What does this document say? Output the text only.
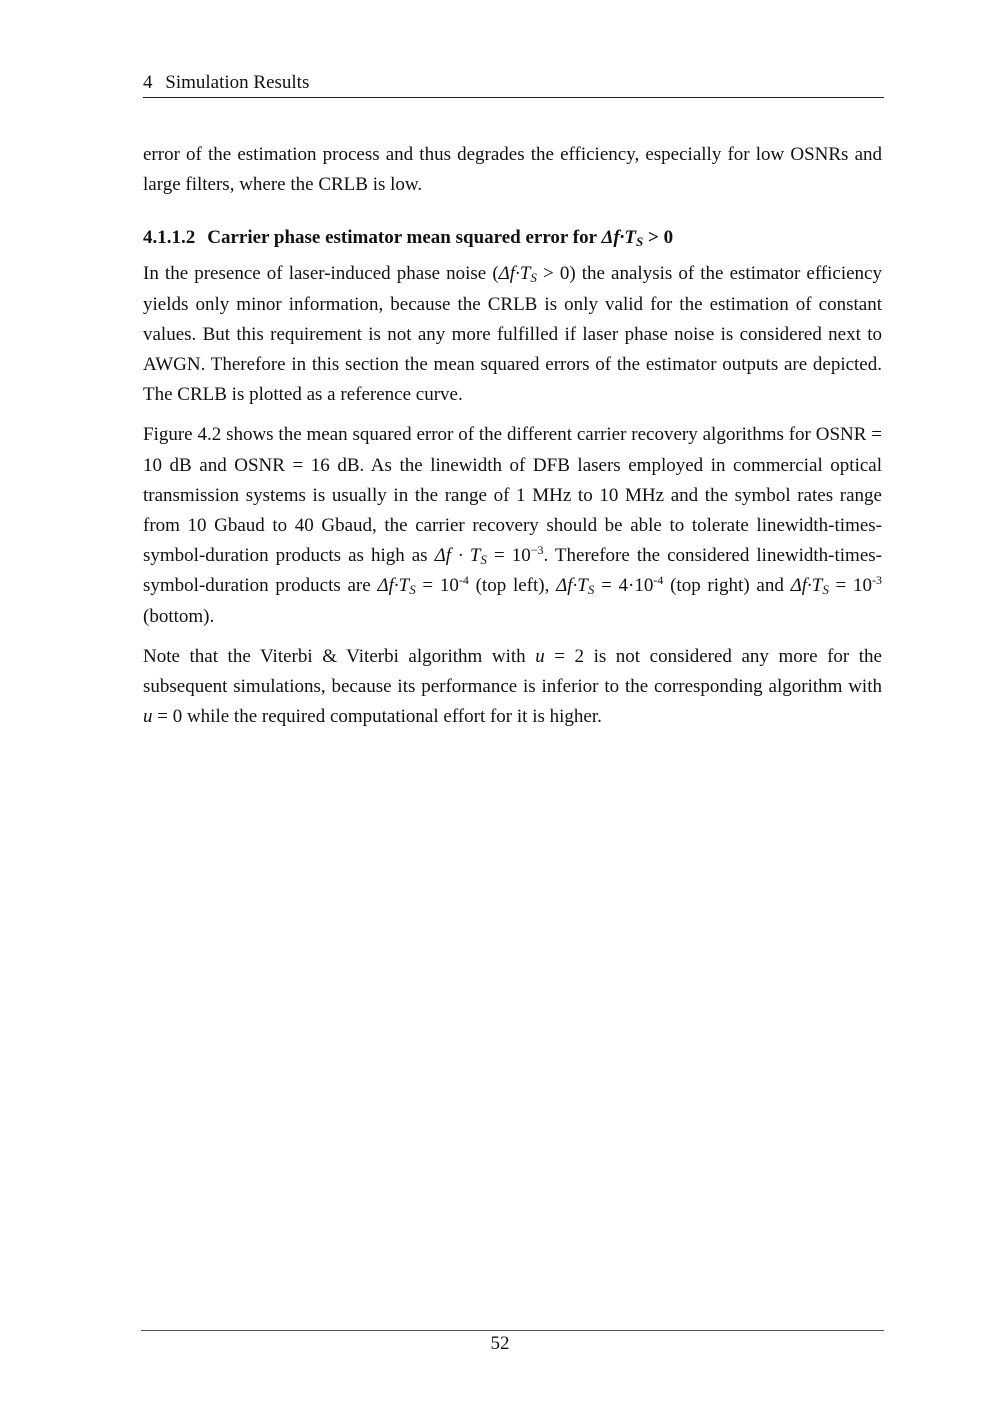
4 Simulation Results

error of the estimation process and thus degrades the efficiency, especially for low OSNRs and large filters, where the CRLB is low.

4.1.1.2 Carrier phase estimator mean squared error for $\Delta f\cdot T_S > 0$

In the presence of laser-induced phase noise $(\Delta f\cdot T_S > 0)$ the analysis of the estimator efficiency yields only minor information, because the CRLB is only valid for the estimation of constant values. But this requirement is not any more fulfilled if laser phase noise is considered next to AWGN. Therefore in this section the mean squared errors of the estimator outputs are depicted. The CRLB is plotted as a reference curve.

Figure 4.2 shows the mean squared error of the different carrier recovery algorithms for OSNR = 10 dB and OSNR = 16 dB. As the linewidth of DFB lasers employed in commercial optical transmission systems is usually in the range of 1 MHz to 10 MHz and the symbol rates range from 10 Gbaud to 40 Gbaud, the carrier recovery should be able to tolerate linewidth-times-symbol-duration products as high as $\Delta f \cdot T_S = 10^{-3}$. Therefore the considered linewidth-times-symbol-duration products are $\Delta f\cdot T_S = 10^{-4}$ (top left), $\Delta f\cdot T_S = 4\cdot 10^{-4}$ (top right) and $\Delta f\cdot T_S = 10^{-3}$ (bottom).

Note that the Viterbi & Viterbi algorithm with u = 2 is not considered any more for the subsequent simulations, because its performance is inferior to the corresponding algorithm with u = 0 while the required computational effort for it is higher.

52
